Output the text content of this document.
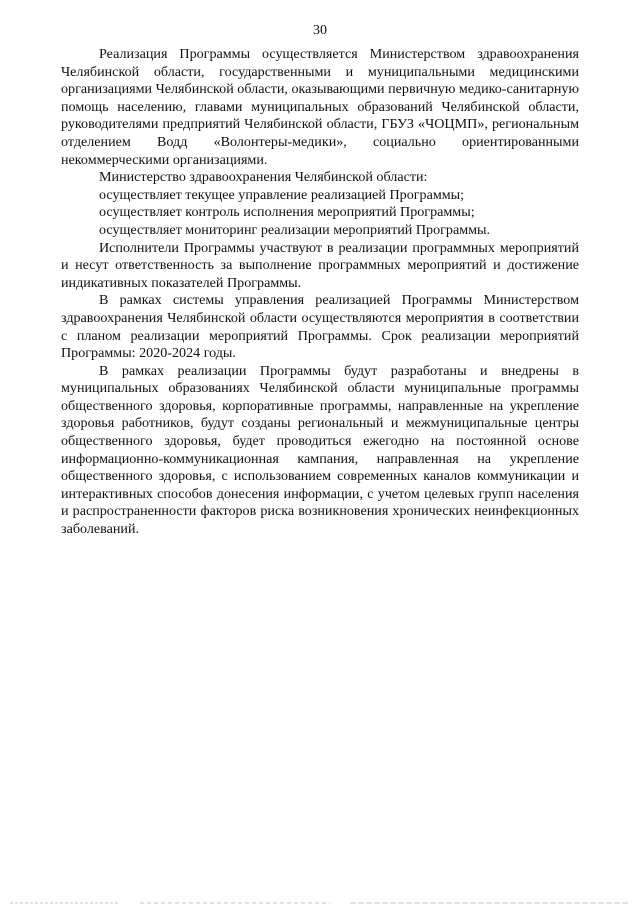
30

Реализация Программы осуществляется Министерством здравоохранения Челябинской области, государственными и муниципальными медицинскими организациями Челябинской области, оказывающими первичную медико-санитарную помощь населению, главами муниципальных образований Челябинской области, руководителями предприятий Челябинской области, ГБУЗ «ЧОЦМП», региональным отделением Водд «Волонтеры-медики», социально ориентированными некоммерческими организациями.

Министерство здравоохранения Челябинской области:

осуществляет текущее управление реализацией Программы;

осуществляет контроль исполнения мероприятий Программы;

осуществляет мониторинг реализации мероприятий Программы.

Исполнители Программы участвуют в реализации программных мероприятий и несут ответственность за выполнение программных мероприятий и достижение индикативных показателей Программы.

В рамках системы управления реализацией Программы Министерством здравоохранения Челябинской области осуществляются мероприятия в соответствии с планом реализации мероприятий Программы. Срок реализации мероприятий Программы: 2020-2024 годы.

В рамках реализации Программы будут разработаны и внедрены в муниципальных образованиях Челябинской области муниципальные программы общественного здоровья, корпоративные программы, направленные на укрепление здоровья работников, будут созданы региональный и межмуниципальные центры общественного здоровья, будет проводиться ежегодно на постоянной основе информационно-коммуникационная кампания, направленная на укрепление общественного здоровья, с использованием современных каналов коммуникации и интерактивных способов донесения информации, с учетом целевых групп населения и распространенности факторов риска возникновения хронических неинфекционных заболеваний.
